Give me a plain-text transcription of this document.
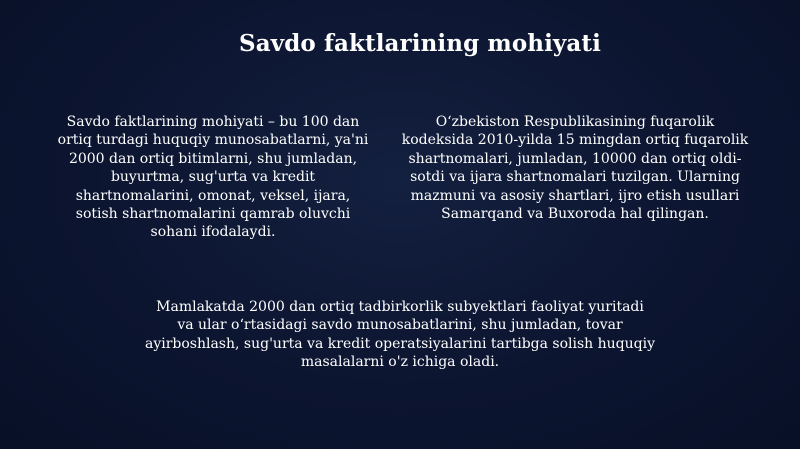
Savdo faktlarining mohiyati

Savdo faktlarining mohiyati – bu 100 dan
ortiq turdagi huquqiy munosabatlarni, ya'ni
2000 dan ortiq bitimlarni, shu jumladan,
buyurtma, sug'urta va kredit
shartnomalarini, omonat, veksel, ijara,
sotish shartnomalarini qamrab oluvchi
sohani ifodalaydi.

O‘zbekiston Respublikasining fuqarolik
kodeksida 2010-yilda 15 mingdan ortiq fuqarolik
shartnomalari, jumladan, 10000 dan ortiq oldi-
sotdi va ijara shartnomalari tuzilgan. Ularning
mazmuni va asosiy shartlari, ijro etish usullari
Samarqand va Buxoroda hal qilingan.

Mamlakatda 2000 dan ortiq tadbirkorlik subyektlari faoliyat yuritadi
va ular o‘rtasidagi savdo munosabatlarini, shu jumladan, tovar
ayirboshlash, sug'urta va kredit operatsiyalarini tartibga solish huquqiy
masalalarni o'z ichiga oladi.
